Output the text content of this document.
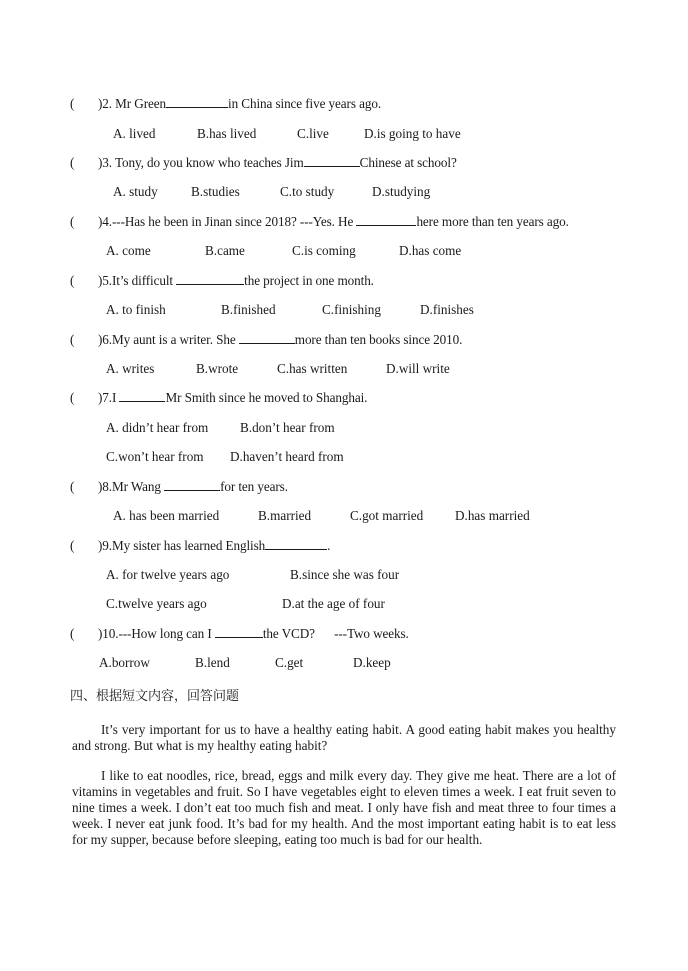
( )2. Mr Green	in China since five years ago.
A. lived	B.has lived	C.live	D.is going to have
( )3. Tony, do you know who teaches Jim	Chinese at school?
A. study	B.studies	C.to study	D.studying
( )4.---Has he been in Jinan since 2018? ---Yes. He	here more than ten years ago.
A. come	B.came	C.is coming	D.has come
( )5.It’s difficult	the project in one month.
A. to finish	B.finished	C.finishing	D.finishes
( )6.My aunt is a writer. She	more than ten books since 2010.
A. writes	B.wrote	C.has written	D.will write
( )7.I	Mr Smith since he moved to Shanghai.
A. didn’t hear from B.don’t hear from
C.won’t hear from D.haven’t heard from
( )8.Mr Wang	for ten years.
A. has been married	B.married	C.got married D.has married
( )9.My sister has learned English	.
A. for twelve years ago	B.since she was four
C.twelve years ago	D.at the age of four
( )10.---How long can I	the VCD?      ---Two weeks.
A.borrow	B.lend	C.get	D.keep
四、根据短文内容，回答问题
It’s very important for us to have a healthy eating habit. A good eating habit makes you healthy and strong. But what is my healthy eating habit?
I like to eat noodles, rice, bread, eggs and milk every day. They give me heat. There are a lot of vitamins in vegetables and fruit. So I have vegetables eight to eleven times a week. I eat fruit seven to nine times a week. I don’t eat too much fish and meat. I only have fish and meat three to four times a week. I never eat junk food. It’s bad for my health. And the most important eating habit is to eat less for my supper, because before sleeping, eating too much is bad for our health.
